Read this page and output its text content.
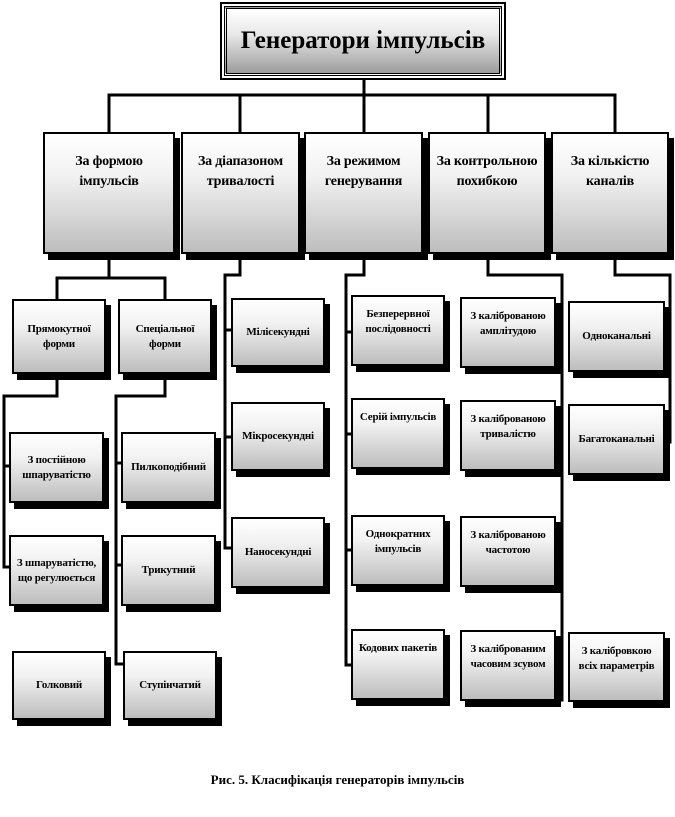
Генератори імпульсів
За формою імпульсів
За діапазоном тривалості
За режимом генерування
За контрольною похибкою
За кількістю каналів
Прямокутної форми
Спеціальної форми
З постійною шпаруватістю
З шпаруватістю, що регулюється
Голковий
Пилкоподібний
Трикутний
Ступінчатий
Мілісекундні
Мікросекундні
Наносекундні
Безперервної послідовності
Серій імпульсів
Однократних імпульсів
Кодових пакетів
З каліброваною амплітудою
З каліброваною тривалістю
З каліброваною частотою
З каліброваним часовим зсувом
Одноканальні
Багатоканальні
З калібровкою всіх параметрів
Рис. 5. Класифікація генераторів імпульсів
